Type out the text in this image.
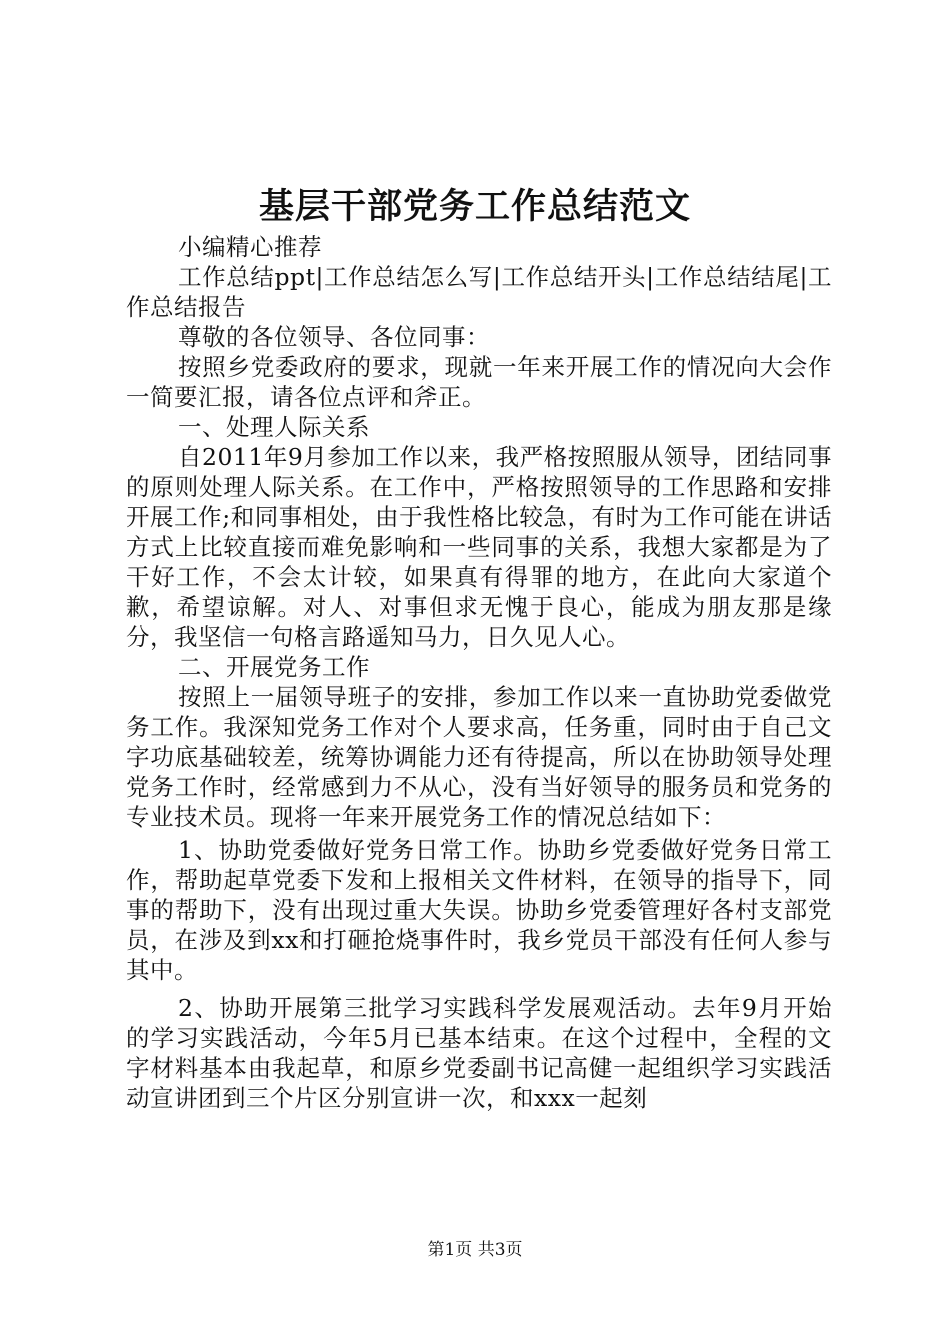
基层干部党务工作总结范文

小编精心推荐

工作总结ppt|工作总结怎么写|工作总结开头|工作总结结尾|工作总结报告

尊敬的各位领导、各位同事：

按照乡党委政府的要求，现就一年来开展工作的情况向大会作一简要汇报，请各位点评和斧正。

一、处理人际关系

自2011年9月参加工作以来，我严格按照服从领导，团结同事的原则处理人际关系。在工作中，严格按照领导的工作思路和安排开展工作;和同事相处，由于我性格比较急，有时为工作可能在讲话方式上比较直接而难免影响和一些同事的关系，我想大家都是为了干好工作，不会太计较，如果真有得罪的地方，在此向大家道个歉，希望谅解。对人、对事但求无愧于良心，能成为朋友那是缘分，我坚信一句格言路遥知马力，日久见人心。

二、开展党务工作

按照上一届领导班子的安排，参加工作以来一直协助党委做党务工作。我深知党务工作对个人要求高，任务重，同时由于自己文字功底基础较差，统筹协调能力还有待提高，所以在协助领导处理党务工作时，经常感到力不从心，没有当好领导的服务员和党务的专业技术员。现将一年来开展党务工作的情况总结如下：

1、协助党委做好党务日常工作。协助乡党委做好党务日常工作，帮助起草党委下发和上报相关文件材料，在领导的指导下，同事的帮助下，没有出现过重大失误。协助乡党委管理好各村支部党员，在涉及到xx和打砸抢烧事件时，我乡党员干部没有任何人参与其中。

2、协助开展第三批学习实践科学发展观活动。去年9月开始的学习实践活动，今年5月已基本结束。在这个过程中，全程的文字材料基本由我起草，和原乡党委副书记高健一起组织学习实践活动宣讲团到三个片区分别宣讲一次，和xxx一起刻

第1页 共3页
